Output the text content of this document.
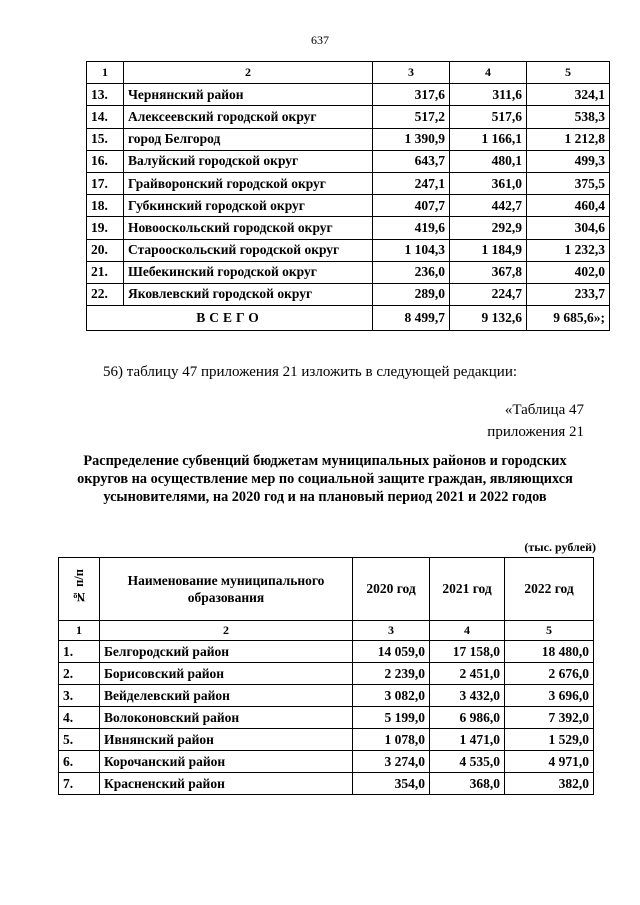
637
1	2	3	4	5
13.	Чернянский район	317,6	311,6	324,1
14.	Алексеевский городской округ	517,2	517,6	538,3
15.	город Белгород	1 390,9	1 166,1	1 212,8
16.	Валуйский городской округ	643,7	480,1	499,3
17.	Грайворонский городской округ	247,1	361,0	375,5
18.	Губкинский городской округ	407,7	442,7	460,4
19.	Новооскольский городской округ	419,6	292,9	304,6
20.	Старооскольский городской округ	1 104,3	1 184,9	1 232,3
21.	Шебекинский городской округ	236,0	367,8	402,0
22.	Яковлевский городской округ	289,0	224,7	233,7
ВСЕГО		8 499,7	9 132,6	9 685,6»;
56) таблицу 47 приложения 21 изложить в следующей редакции:
«Таблица 47
приложения 21
Распределение субвенций бюджетам муниципальных районов и городских
округов на осуществление мер по социальной защите граждан, являющихся
усыновителями, на 2020 год и на плановый период 2021 и 2022 годов
(тыс. рублей)
№ п/п	Наименование муниципального образования	2020 год	2021 год	2022 год
1	2	3	4	5
1.	Белгородский район	14 059,0	17 158,0	18 480,0
2.	Борисовский район	2 239,0	2 451,0	2 676,0
3.	Вейделевский район	3 082,0	3 432,0	3 696,0
4.	Волоконовский район	5 199,0	6 986,0	7 392,0
5.	Ивнянский район	1 078,0	1 471,0	1 529,0
6.	Корочанский район	3 274,0	4 535,0	4 971,0
7.	Красненский район	354,0	368,0	382,0
